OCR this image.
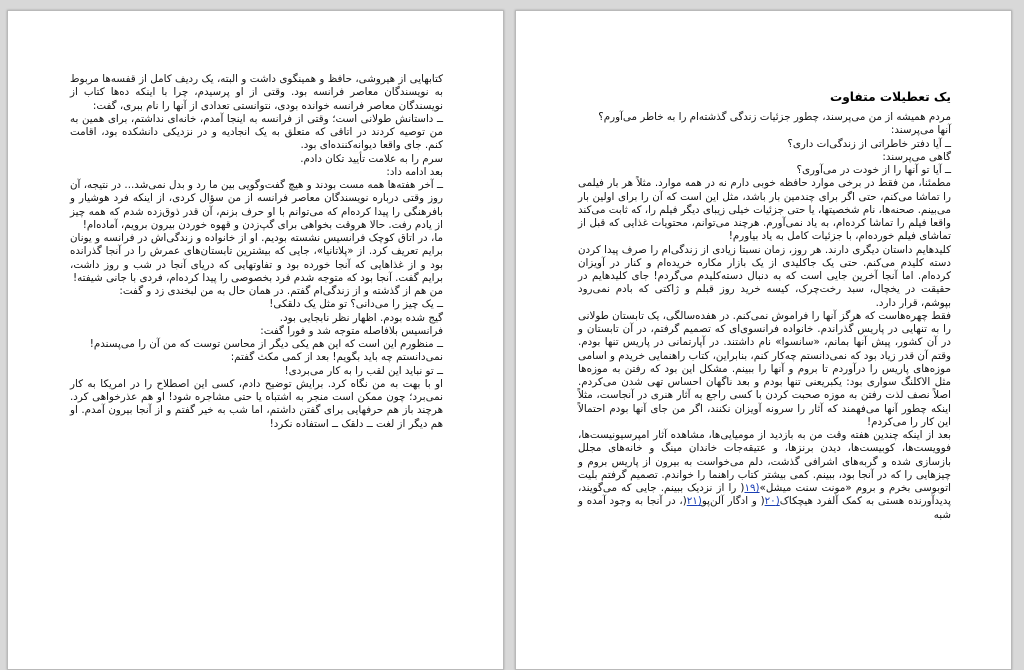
کتابهایی از هیروشی، حافظ و همینگوی داشت و البته، یک ردیف کامل از قفسه‌ها مربوط به نویسندگان معاصر فرانسه بود. وقتی از او پرسیدم، چرا با اینکه ده‌ها کتاب از نویسندگان معاصر فرانسه خوانده بودی، نتوانستی تعدادی از آنها را نام ببری، گفت:

ــ داستانش طولانی است؛ وقتی از فرانسه به اینجا آمدم، خانه‌ای نداشتم، برای همین به من توصیه کردند در اتاقی که متعلق به یک انجادیه و در نزدیکی دانشکده بود، اقامت کنم. جای واقعا دیوانه‌کننده‌ای بود.

سرم را به علامت تأیید تکان دادم.

بعد ادامه داد:

ــ آخر هفته‌ها همه مست بودند و هیچ گفت‌وگویی بین ما رد و بدل نمی‌شد... در نتیجه، آن روز وقتی درباره نویسندگان معاصر فرانسه از من سؤال کردی، از اینکه فرد هوشیار و بافرهنگی را پیدا کرده‌ام که می‌توانم با او حرف بزنم، آن قدر ذوق‌زده شدم که همه چیز از یادم رفت. حالا هروقت بخواهی برای گپ‌زدن و قهوه خوردن بیرون برویم، آماده‌ام!

ما، در اتاق کوچک فرانسیس نشسته بودیم. او از خانواده و زندگی‌اش در فرانسه و یونان برایم تعریف کرد. از «پلاتانیا»، جایی که بیشترین تابستان‌های عمرش را در آنجا گذرانده بود و از غذاهایی که آنجا خورده بود و تفاوتهایی که دریای آنجا در شب و روز داشت، برایم گفت. آنجا بود که متوجه شدم فرد بخصوصی را پیدا کرده‌ام، فردی با جانی شیفته!

من هم از گذشته و از زندگی‌ام گفتم. در همان حال به من لبخندی زد و گفت:

ــ یک چیز را می‌دانی؟ تو مثل یک دلقکی!

گیج شده بودم. اظهار نظر نابجایی بود.

فرانسیس بلافاصله متوجه شد و فورا گفت:

ــ منظورم این است که این هم یکی دیگر از محاسن توست که من آن را می‌پسندم!

نمی‌دانستم چه باید بگویم! بعد از کمی مکث گفتم:

ــ تو نباید این لقب را به کار می‌بردی!

او با بهت به من نگاه کرد. برایش توضیح دادم، کسی این اصطلاح را در امریکا به کار نمی‌برد؛ چون ممکن است منجر به اشتباه یا حتی مشاجره شود! او هم عذرخواهی کرد. هرچند باز هم حرفهایی برای گفتن داشتم، اما شب به خیر گفتم و از آنجا بیرون آمدم. او هم دیگر از لغت ــ دلقک ــ استفاده نکرد!

یک تعطیلات متفاوت

مردم همیشه از من می‌پرسند، چطور جزئیات زندگی گذشته‌ام را به خاطر می‌آورم؟

آنها می‌پرسند:

ــ آیا دفتر خاطراتی از زندگی‌ات داری؟

گاهی می‌پرسند:

ــ آیا تو آنها را از خودت در می‌آوری؟

مطمئنا، من فقط در برخی موارد حافظه خوبی دارم نه در همه موارد. مثلاً هر بار فیلمی را تماشا می‌کنم، حتی اگر برای چندمین بار باشد، مثل این است که آن را برای اولین بار می‌بینم. صحنه‌ها، نام شخصیتها، یا حتی جزئیات خیلی زیبای دیگر فیلم را، که ثابت می‌کند واقعا فیلم را تماشا کرده‌ام، به یاد نمی‌آورم. هرچند می‌توانم، محتویات غذایی که قبل از تماشای فیلم خورده‌ام، با جزئیات کامل به یاد بیاورم!

کلیدهایم داستان دیگری دارند. هر روز، زمان نسبتا زیادی از زندگی‌ام را صرف پیدا کردن دسته کلیدم می‌کنم. حتی یک جاکلیدی از یک بازار مکاره خریده‌ام و کنار در آویزان کرده‌ام. اما آنجا آخرین جایی است که به دنبال دسته‌کلیدم می‌گردم! جای کلیدهایم در حقیقت در یخچال، سبد رخت‌چرک، کیسه خرید روز قبلم و ژاکتی که بادم نمی‌رود بپوشم، قرار دارد.

فقط چهره‌هاست که هرگز آنها را فراموش نمی‌کنم. در هفده‌سالگی، یک تابستان طولانی را به تنهایی در پاریس گذراندم. خانواده فرانسوی‌ای که تصمیم گرفتم، در آن تابستان و در آن کشور، پیش آنها بمانم، «سانسوا» نام داشتند. در آپارتمانی در پاریس تنها بودم. وقتم آن قدر زیاد بود که نمی‌دانستم چه‌کار کنم، بنابراین، کتاب راهنمایی خریدم و اسامی موزه‌های پاریس را درآوردم تا بروم و آنها را ببینم. مشکل این بود که رفتن به موزه‌ها مثل الاکلنگ سواری بود: یکبریعنی تنها بودم و بعد ناگهان احساس تهی شدن می‌کردم. اصلاً نصف لذت رفتن به موزه صحبت کردن با کسی راجع به آثار هنری در آنجاست، مثلاً اینکه چطور آنها می‌فهمند که آثار را سرونه آویزان نکنند، اگر من جای آنها بودم احتمالاً این کار را می‌کردم!

بعد از اینکه چندین هفته وقت من به بازدید از مومیایی‌ها، مشاهده آثار امپرسیونیست‌ها، فوویست‌ها، کوبیست‌ها، دیدن برنزها، و عتیقه‌جات خاندان مینگ و خانه‌های مجلل بازسازی شده و گربه‌های اشرافی گذشت، دلم می‌خواست به بیرون از پاریس بروم و چیزهایی را که در آنجا بود، ببینم. کمی بیشتر کتاب راهنما را خواندم. تصمیم گرفتم بلیت اتوبوسی بخرم و بروم «مونت سنت میشل»(۱۹( را از نزدیک ببینم. جایی که می‌گویند، پدیدآورنده هستی به کمک آلفرد هیچکاک(۲۰( و ادگار آلن‌پو(۲۱(، در آنجا به وجود آمده و شبه
